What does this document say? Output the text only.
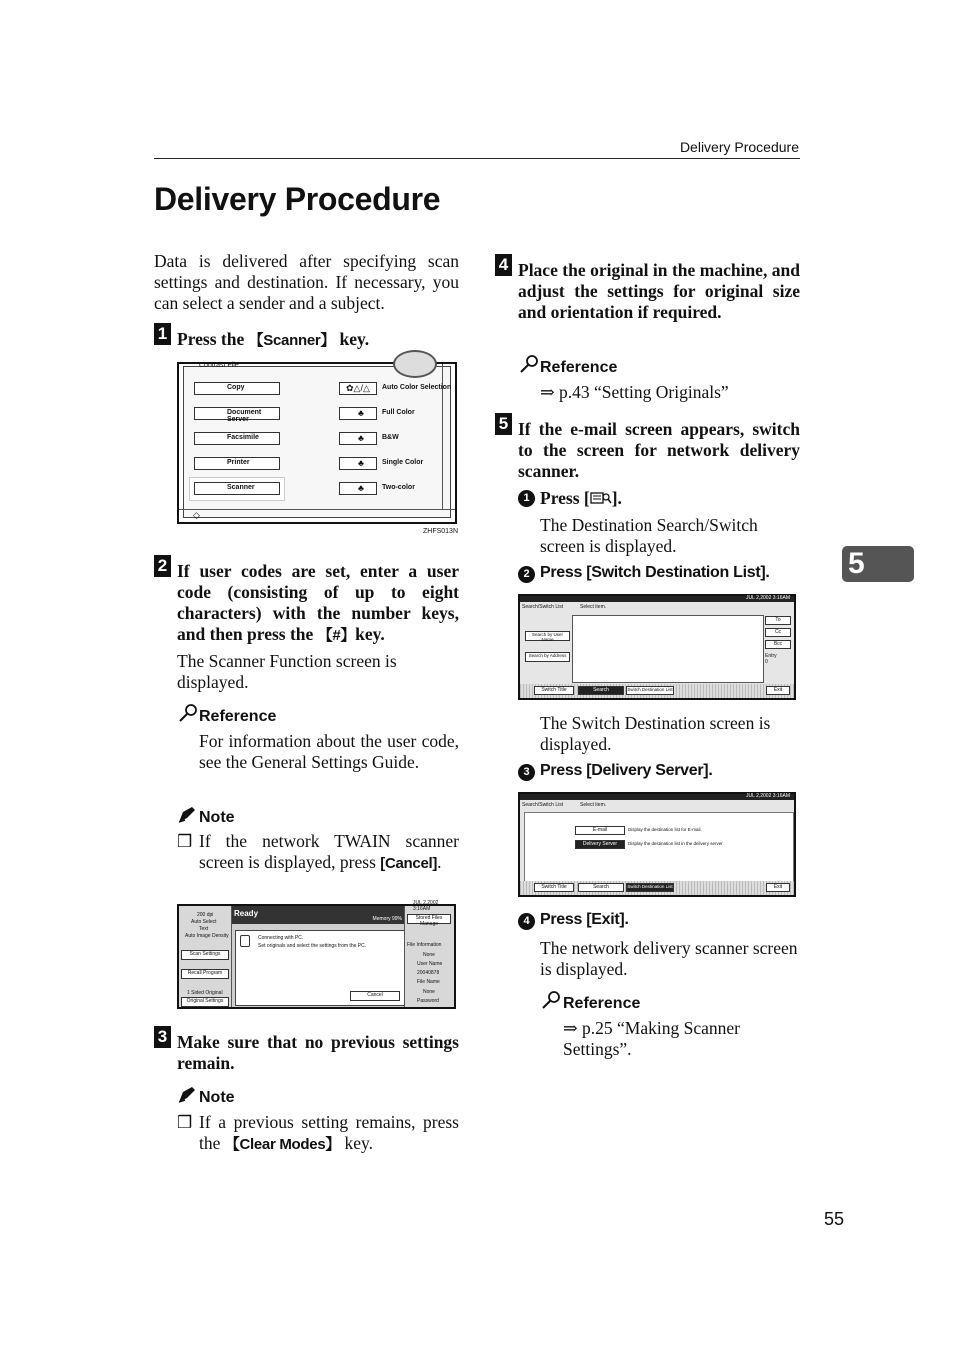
Delivery Procedure
Delivery Procedure
Data is delivered after specifying scan settings and destination. If necessary, you can select a sender and a subject.
1 Press the 【Scanner】 key.
Contrast File
◇
Copy
Document Server
Facsimile
Printer
Scanner
✿△/△ Auto Color Selection
♣	Full Color
♣	B&W
♣	Single Color
♣	Two-color
ZHFS013N
2 If user codes are set, enter a user code (consisting of up to eight characters) with the number keys, and then press the 【#】key.
The Scanner Function screen is displayed.
Reference
For information about the user code, see the General Settings Guide.
Note
❒ If the network TWAIN scanner screen is displayed, press [Cancel].
200 dpi
Auto Select
Text
Auto Image Density
Scan Settings
Recall Program
1 Sided Original
Original Settings
Ready
Memory 99%
Connecting with PC.
Set originals and select the settings from the PC.
Cancel
JUL 2,2002 3:16AM
Stored Files Manage
File Information
None
User Name
20040878
File Name
None
Password
3 Make sure that no previous settings remain.
Note
❒ If a previous setting remains, press the 【Clear Modes】 key.
4 Place the original in the machine, and adjust the settings for original size and orientation if required.
Reference
⇒ p.43 “Setting Originals”
5 If the e-mail screen appears, switch to the screen for network delivery scanner.
1 Press [ ].
The Destination Search/Switch screen is displayed.
2 Press [Switch Destination List].
JUL 2,2002 3:16AM
Search/Switch List	Select item.
Search by User Name
Search by Address
To
Cc
Bcc
Entry
0
Switch Title	Search	Switch Destination List	Exit
The Switch Destination screen is displayed.
3 Press [Delivery Server].
JUL 2,2002 3:16AM
Search/Switch List	Select item.
E-mail	Display the destination list for E-mail.
Delivery Server	Display the destination list in the delivery server.
Switch Title	Search	Switch Destination List	Exit
4 Press [Exit].
The network delivery scanner screen is displayed.
Reference
⇒ p.25 “Making Scanner Settings”.
5
55
